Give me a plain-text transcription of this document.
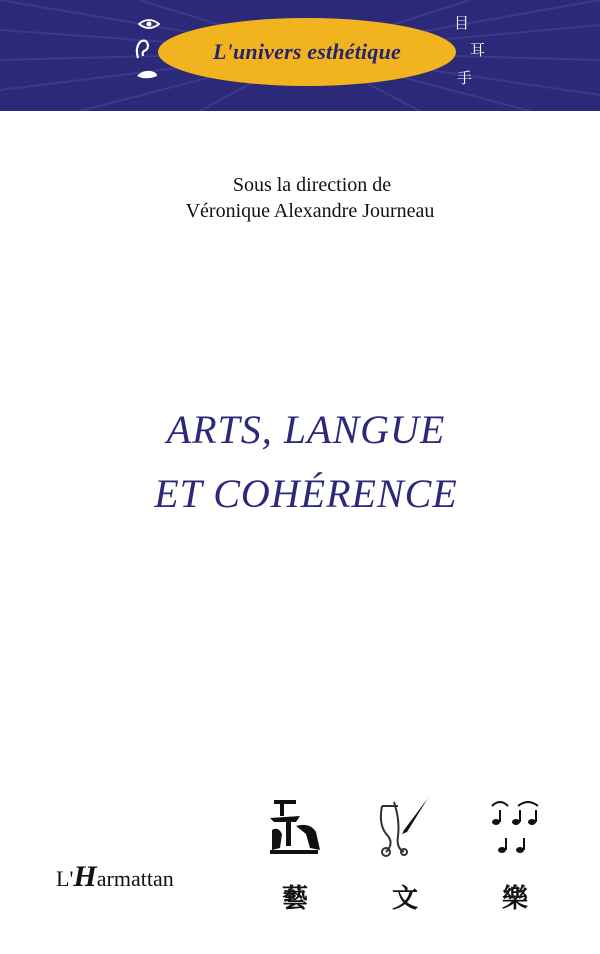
L'univers esthétique
目
耳
手
Sous la direction de
Véronique Alexandre Journeau
ARTS, LANGUE
ET COHÉRENCE
L'Harmattan
藝	文	樂
